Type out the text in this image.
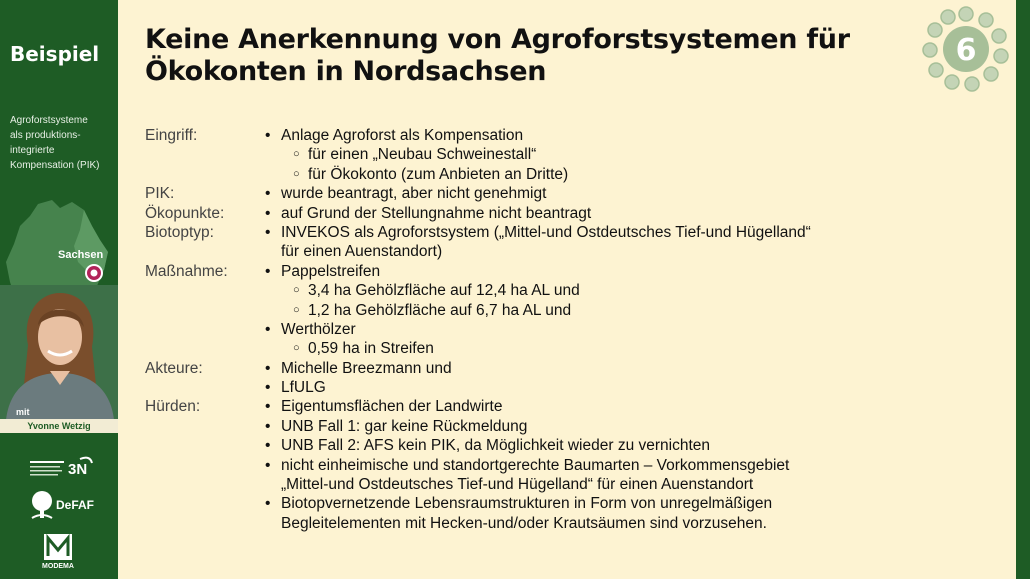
Beispiel
Agroforstsysteme
als produktions-
integrierte
Kompensation (PIK)
Sachsen
mit
Yvonne Wetzig
3N
DeFAF
MODEMA
Keine Anerkennung von Agroforstsystemen für
Ökokonten in Nordsachsen
6
Eingriff:	• Anlage Agroforst als Kompensation
○ für einen „Neubau Schweinestall“
○ für Ökokonto (zum Anbieten an Dritte)
PIK:	• wurde beantragt, aber nicht genehmigt
Ökopunkte:	• auf Grund der Stellungnahme nicht beantragt
Biotoptyp:	• INVEKOS als Agroforstsystem („Mittel-und Ostdeutsches Tief-und Hügelland“
für einen Auenstandort)
Maßnahme: • Pappelstreifen
○ 3,4 ha Gehölzfläche auf 12,4 ha AL und
○ 1,2 ha Gehölzfläche auf 6,7 ha AL und
• Werthölzer
○ 0,59 ha in Streifen
Akteure:	• Michelle Breezmann und
• LfULG
Hürden:	• Eigentumsflächen der Landwirte
• UNB Fall 1: gar keine Rückmeldung
• UNB Fall 2: AFS kein PIK, da Möglichkeit wieder zu vernichten
• nicht einheimische und standortgerechte Baumarten – Vorkommensgebiet
„Mittel-und Ostdeutsches Tief-und Hügelland“ für einen Auenstandort
• Biotopvernetzende Lebensraumstrukturen in Form von unregelmäßigen
Begleitelementen mit Hecken-und/oder Krautsäumen sind vorzusehen.
